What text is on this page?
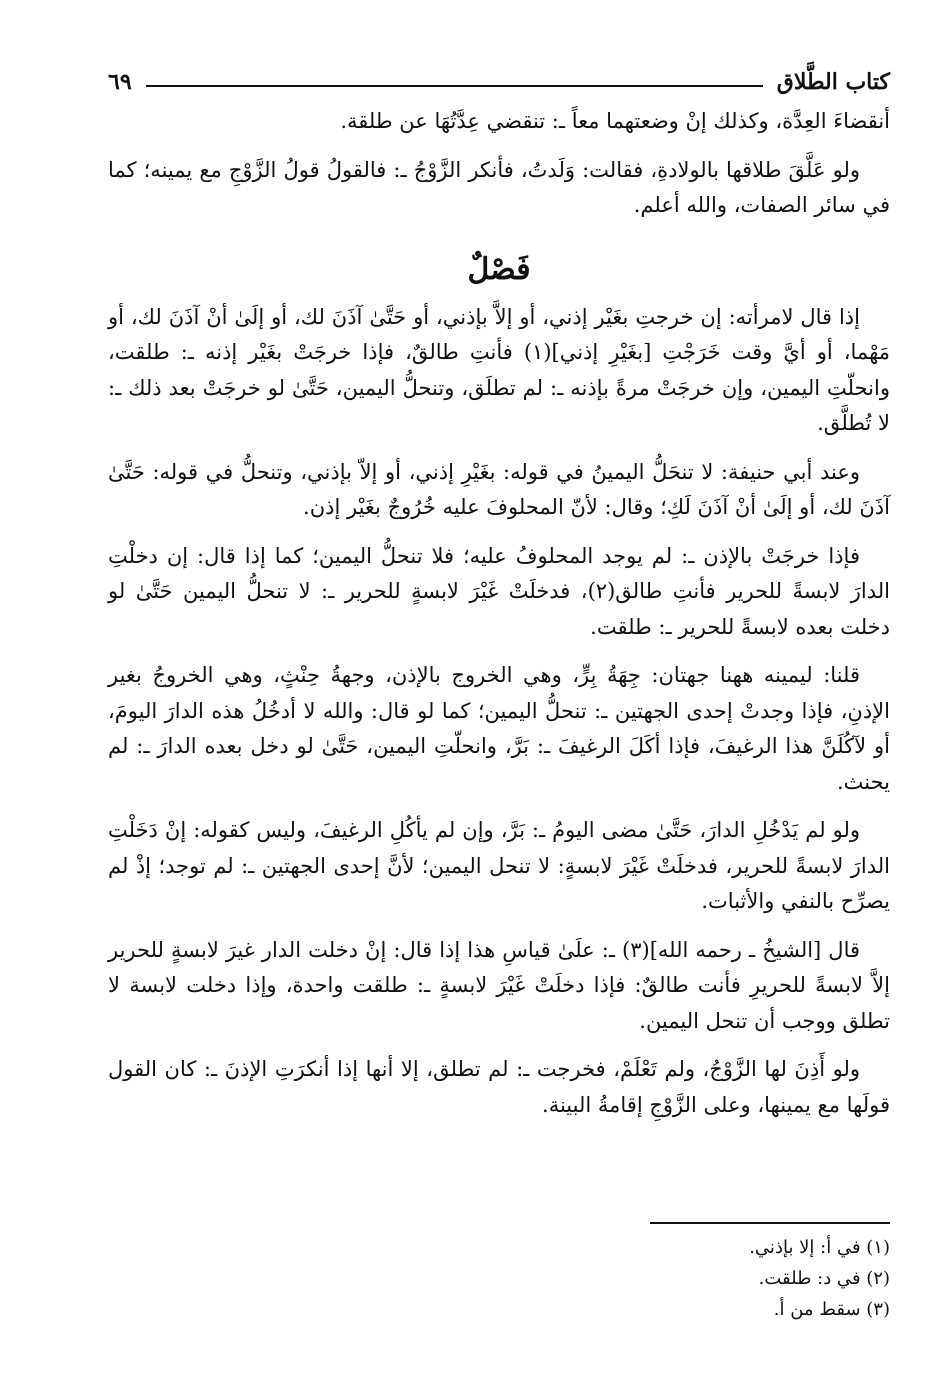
كتاب الطَّلاق
٦٩

أنقضاءَ العِدَّة، وكذلك إنْ وضعتهما معاً ـ: تنقضي عِدَّتُهَا عن طلقة.

ولو عَلَّقَ طلاقها بالولادةِ، فقالت: وَلَدتُ، فأنكر الزَّوْجُ ـ: فالقولُ قولُ الزَّوْجِ مع يمينه؛ كما في سائر الصفات، والله أعلم.

فَصْلٌ

إذا قال لامرأته: إن خرجتِ بغَيْر إذني، أو إلاَّ بإذني، أو حَتَّىٰ آذَنَ لك، أو إلَىٰ أنْ آذَنَ لك، أو مَهْما، أو أيَّ وقت خَرَجْتِ [بغَيْرِ إذني](١) فأنتِ طالقٌ، فإذا خرجَتْ بغَيْر إذنه ـ: طلقت، وانحلّتِ اليمين، وإن خرجَتْ مرةً بإذنه ـ: لم تطلَق، وتنحلُّ اليمين، حَتَّىٰ لو خرجَتْ بعد ذلك ـ: لا تُطلَّق.

وعند أبي حنيفة: لا تنحَلُّ اليمينُ في قوله: بغَيْرِ إذني، أو إلاّ بإذني، وتنحلُّ في قوله: حَتَّىٰ آذَنَ لك، أو إلَىٰ أنْ آذَنَ لَكِ؛ وقال: لأنّ المحلوفَ عليه خُرُوجٌ بغَيْر إذن.

فإذا خرجَتْ بالإذن ـ: لم يوجد المحلوفُ عليه؛ فلا تنحلُّ اليمين؛ كما إذا قال: إن دخلْتِ الدارَ لابسةً للحرير فأنتِ طالق(٢)، فدخلَتْ غَيْرَ لابسةٍ للحرير ـ: لا تنحلُّ اليمين حَتَّىٰ لو دخلت بعده لابسةً للحرير ـ: طلقت.

قلنا: ليمينه ههنا جهتان: جِهَةُ بِرٍّ، وهي الخروج بالإذن، وجهةُ حِنْثٍ، وهي الخروجُ بغير الإذنِ، فإذا وجدتْ إحدى الجهتين ـ: تنحلُّ اليمين؛ كما لو قال: والله لا أدخُلُ هذه الدارَ اليومَ، أو لآكُلَنَّ هذا الرغيفَ، فإذا أكَلَ الرغيفَ ـ: بَرَّ، وانحلّتِ اليمين، حَتَّىٰ لو دخل بعده الدارَ ـ: لم يحنث.

ولو لم يَدْخُلِ الدارَ، حَتَّىٰ مضى اليومُ ـ: بَرَّ، وإن لم يأكُلِ الرغيفَ، وليس كقوله: إنْ دَخَلْتِ الدارَ لابسةً للحرير، فدخلَتْ غَيْرَ لابسةٍ: لا تنحل اليمين؛ لأنَّ إحدى الجهتين ـ: لم توجد؛ إذْ لم يصرِّح بالنفي والأثبات.

قال [الشيخُ ـ رحمه الله](٣) ـ: علَىٰ قياسِ هذا إذا قال: إنْ دخلت الدار غيرَ لابسةٍ للحرير إلاَّ لابسةً للحريرِ فأنت طالقٌ: فإذا دخلَتْ غَيْرَ لابسةٍ ـ: طلقت واحدة، وإذا دخلت لابسة لا تطلق ووجب أن تنحل اليمين.

ولو أَذِنَ لها الزَّوْجُ، ولم تَعْلَمْ، فخرجت ـ: لم تطلق، إلا أنها إذا أنكرَتِ الإذنَ ـ: كان القول قولَها مع يمينها، وعلى الزَّوْجِ إقامةُ البينة.

(١) في أ: إلا بإذني.
(٢) في د: طلقت.
(٣) سقط من أ.
